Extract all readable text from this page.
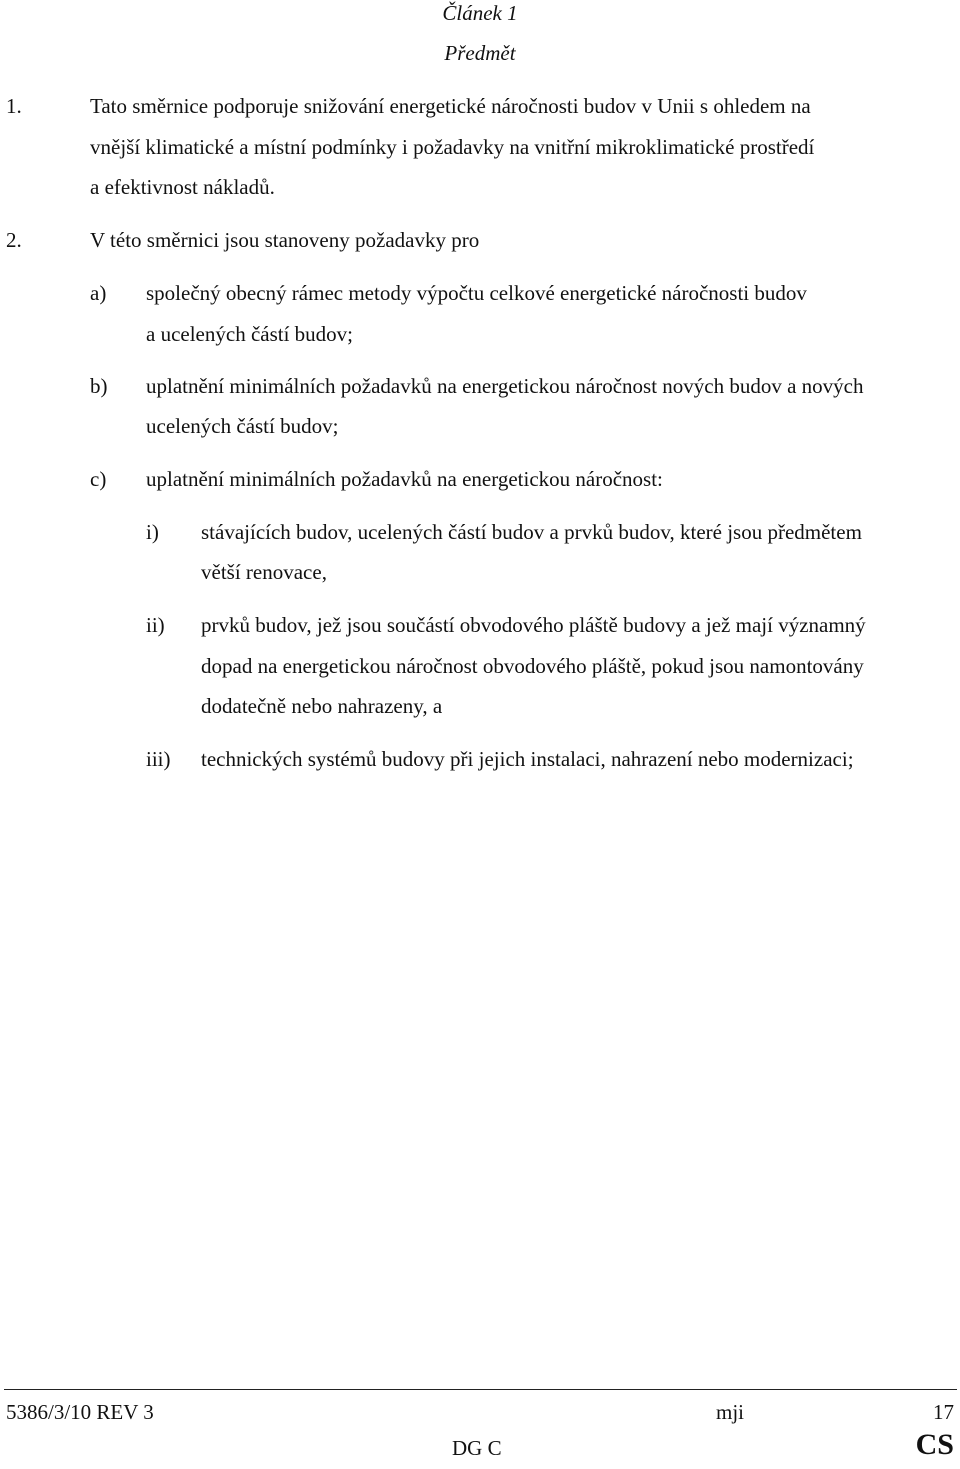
Článek 1
Předmět
1.	Tato směrnice podporuje snižování energetické náročnosti budov v Unii s ohledem na
vnější klimatické a místní podmínky i požadavky na vnitřní mikroklimatické prostředí
a efektivnost nákladů.
2.	V této směrnici jsou stanoveny požadavky pro
a) společný obecný rámec metody výpočtu celkové energetické náročnosti budov
a ucelených částí budov;
b) uplatnění minimálních požadavků na energetickou náročnost nových budov a nových
ucelených částí budov;
c) uplatnění minimálních požadavků na energetickou náročnost:
i) stávajících budov, ucelených částí budov a prvků budov, které jsou předmětem
větší renovace,
ii) prvků budov, jež jsou součástí obvodového pláště budovy a jež mají významný
dopad na energetickou náročnost obvodového pláště, pokud jsou namontovány
dodatečně nebo nahrazeny, a
iii) technických systémů budovy při jejich instalaci, nahrazení nebo modernizaci;
5386/3/10 REV 3	mji	17
DG C	CS
